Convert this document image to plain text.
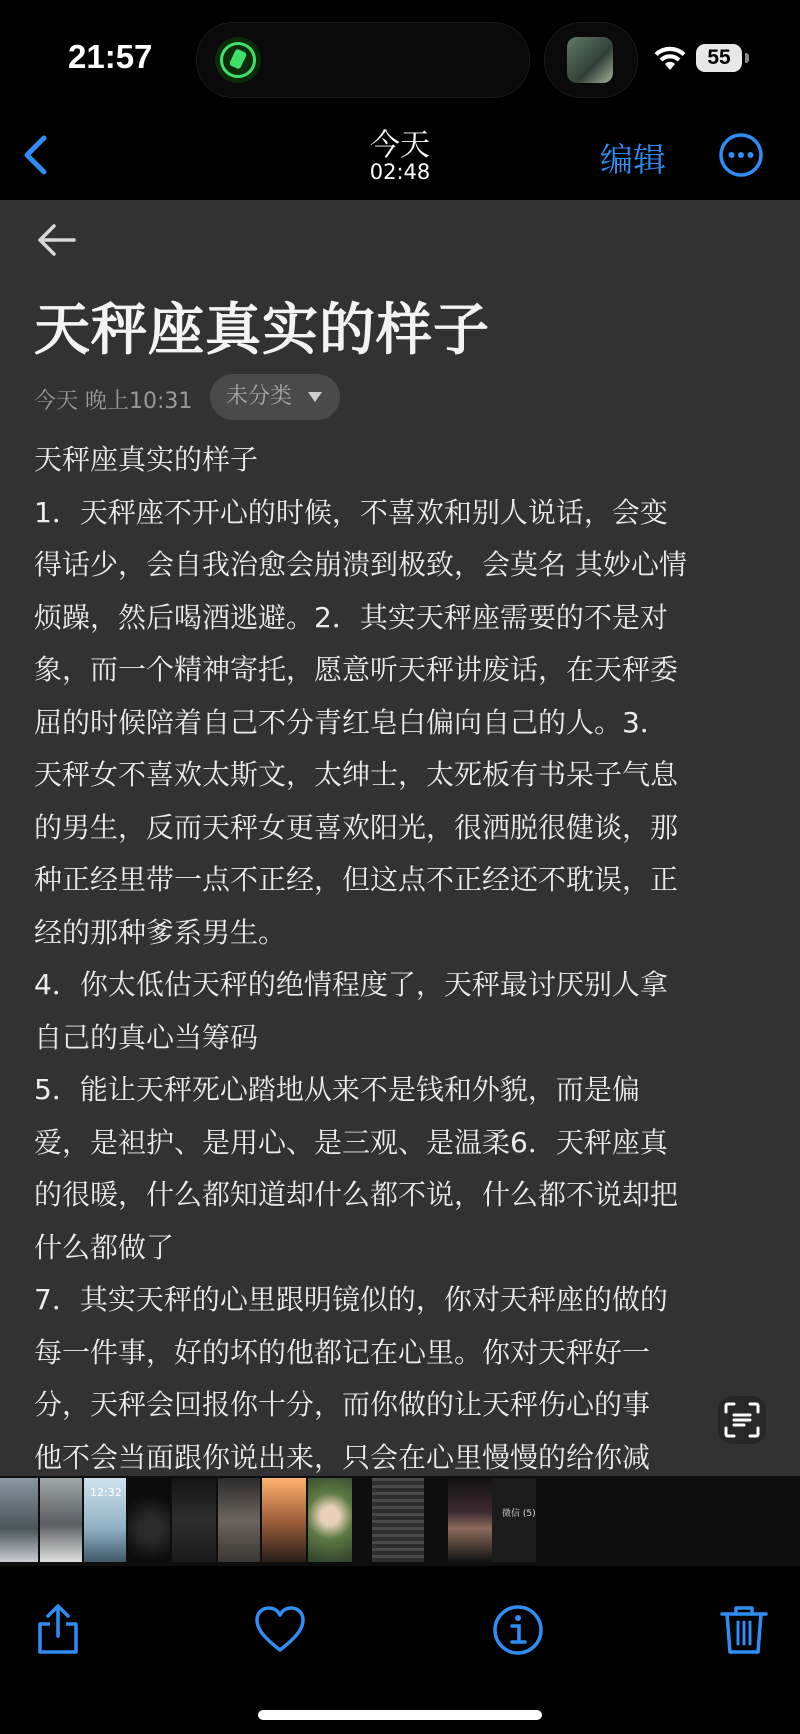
21:57	55
今天
02:48	编辑
天秤座真实的样子
今天 晚上10:31 未分类
天秤座真实的样子
1．天秤座不开心的时候，不喜欢和别人说话，会变
得话少，会自我治愈会崩溃到极致，会莫名 其妙心情
烦躁，然后喝酒逃避。2．其实天秤座需要的不是对
象，而一个精神寄托，愿意听天秤讲废话，在天秤委
屈的时候陪着自己不分青红皂白偏向自己的人。3．
天秤女不喜欢太斯文，太绅士，太死板有书呆子气息
的男生，反而天秤女更喜欢阳光，很洒脱很健谈，那
种正经里带一点不正经，但这点不正经还不耽误，正
经的那种爹系男生。
4．你太低估天秤的绝情程度了，天秤最讨厌别人拿
自己的真心当筹码
5．能让天秤死心踏地从来不是钱和外貌，而是偏
爱，是袒护、是用心、是三观、是温柔6．天秤座真
的很暖，什么都知道却什么都不说，什么都不说却把
什么都做了
7．其实天秤的心里跟明镜似的，你对天秤座的做的
每一件事，好的坏的他都记在心里。你对天秤好一
分，天秤会回报你十分，而你做的让天秤伤心的事
他不会当面跟你说出来，只会在心里慢慢的给你减
12:32
微信 (5)
